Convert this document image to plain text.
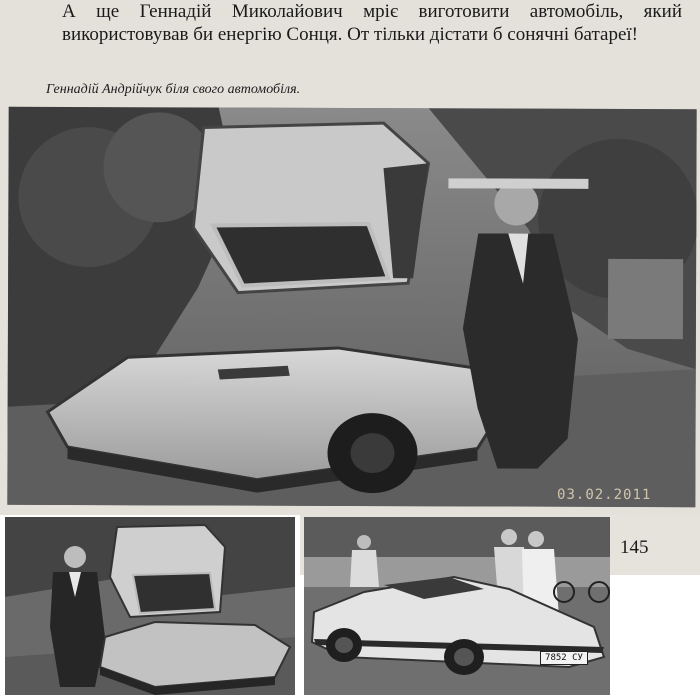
А ще Геннадій Миколайович мріє виготовити автомобіль, який використовував би енергію Сонця. От тільки дістати б сонячні батареї!

Геннадій Андрійчук біля свого автомобіля.
03.02.2011
145
7852 СУ
